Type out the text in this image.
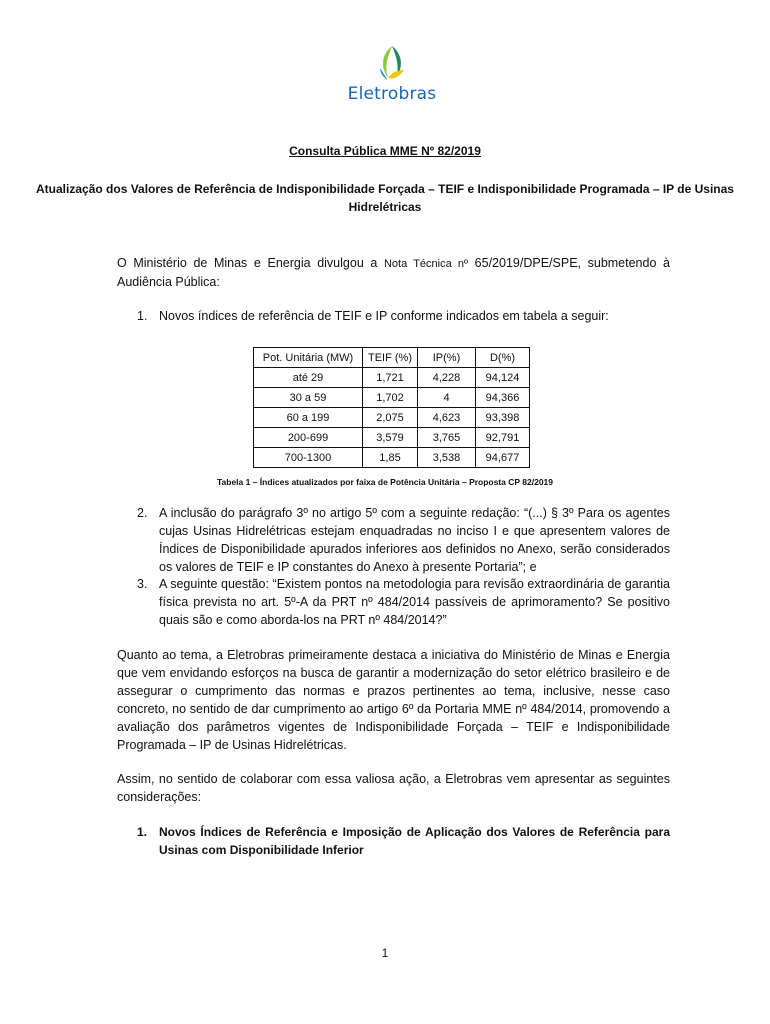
Eletrobras
Consulta Pública MME Nº 82/2019
Atualização dos Valores de Referência de Indisponibilidade Forçada – TEIF e Indisponibilidade Programada – IP de Usinas Hidrelétricas
O Ministério de Minas e Energia divulgou a Nota Técnica nº 65/2019/DPE/SPE, submetendo à Audiência Pública:
1. Novos índices de referência de TEIF e IP conforme indicados em tabela a seguir:
Pot. Unitária (MW)	TEIF (%)	IP(%)	D(%)
até 29	1,721	4,228	94,124
30 a 59	1,702	4	94,366
60 a 199	2,075	4,623	93,398
200-699	3,579	3,765	92,791
700-1300	1,85	3,538	94,677
Tabela 1 – Índices atualizados por faixa de Potência Unitária – Proposta CP 82/2019
2. A inclusão do parágrafo 3º no artigo 5º com a seguinte redação: “(...) § 3º Para os agentes cujas Usinas Hidrelétricas estejam enquadradas no inciso I e que apresentem valores de Índices de Disponibilidade apurados inferiores aos definidos no Anexo, serão considerados os valores de TEIF e IP constantes do Anexo à presente Portaria”; e
3. A seguinte questão: “Existem pontos na metodologia para revisão extraordinária de garantia física prevista no art. 5º-A da PRT nº 484/2014 passíveis de aprimoramento? Se positivo quais são e como aborda-los na PRT nº 484/2014?”
Quanto ao tema, a Eletrobras primeiramente destaca a iniciativa do Ministério de Minas e Energia que vem envidando esforços na busca de garantir a modernização do setor elétrico brasileiro e de assegurar o cumprimento das normas e prazos pertinentes ao tema, inclusive, nesse caso concreto, no sentido de dar cumprimento ao artigo 6º da Portaria MME nº 484/2014, promovendo a avaliação dos parâmetros vigentes de Indisponibilidade Forçada – TEIF e Indisponibilidade Programada – IP de Usinas Hidrelétricas.
Assim, no sentido de colaborar com essa valiosa ação, a Eletrobras vem apresentar as seguintes considerações:
1. Novos Índices de Referência e Imposição de Aplicação dos Valores de Referência para Usinas com Disponibilidade Inferior
1
